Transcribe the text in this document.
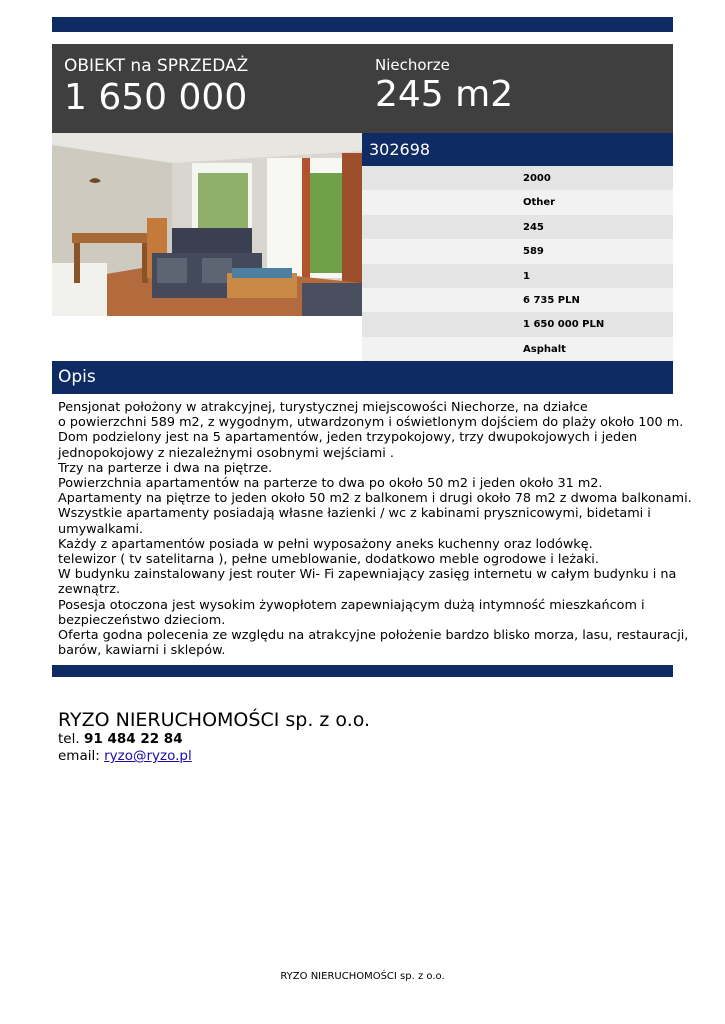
OBIEKT na SPRZEDAŻ
1 650 000
Niechorze
245 m2
302698
2000
Other
245
589
1
6 735 PLN
1 650 000 PLN
Asphalt
Opis
Pensjonat położony w atrakcyjnej, turystycznej miejscowości Niechorze, na działce
o powierzchni 589 m2, z wygodnym, utwardzonym i oświetlonym dojściem do plaży około 100 m.
Dom podzielony jest na 5 apartamentów, jeden trzypokojowy, trzy dwupokojowych i jeden
jednopokojowy z niezależnymi osobnymi wejściami .
Trzy na parterze i dwa na piętrze.
Powierzchnia apartamentów na parterze to dwa po około 50 m2 i jeden około 31 m2.
Apartamenty na piętrze to jeden około 50 m2 z balkonem i drugi około 78 m2 z dwoma balkonami.
Wszystkie apartamenty posiadają własne łazienki / wc z kabinami prysznicowymi, bidetami i
umywalkami.
Każdy z apartamentów posiada w pełni wyposażony aneks kuchenny oraz lodówkę.
telewizor ( tv satelitarna ), pełne umeblowanie, dodatkowo meble ogrodowe i leżaki.
W budynku zainstalowany jest router Wi- Fi zapewniający zasięg internetu w całym budynku i na
zewnątrz.
Posesja otoczona jest wysokim żywopłotem zapewniającym dużą intymność mieszkańcom i
bezpieczeństwo dzieciom.
Oferta godna polecenia ze względu na atrakcyjne położenie bardzo blisko morza, lasu, restauracji,
barów, kawiarni i sklepów.
RYZO NIERUCHOMOŚCI sp. z o.o.
tel. 91 484 22 84
email: ryzo@ryzo.pl
RYZO NIERUCHOMOŚCI sp. z o.o.
